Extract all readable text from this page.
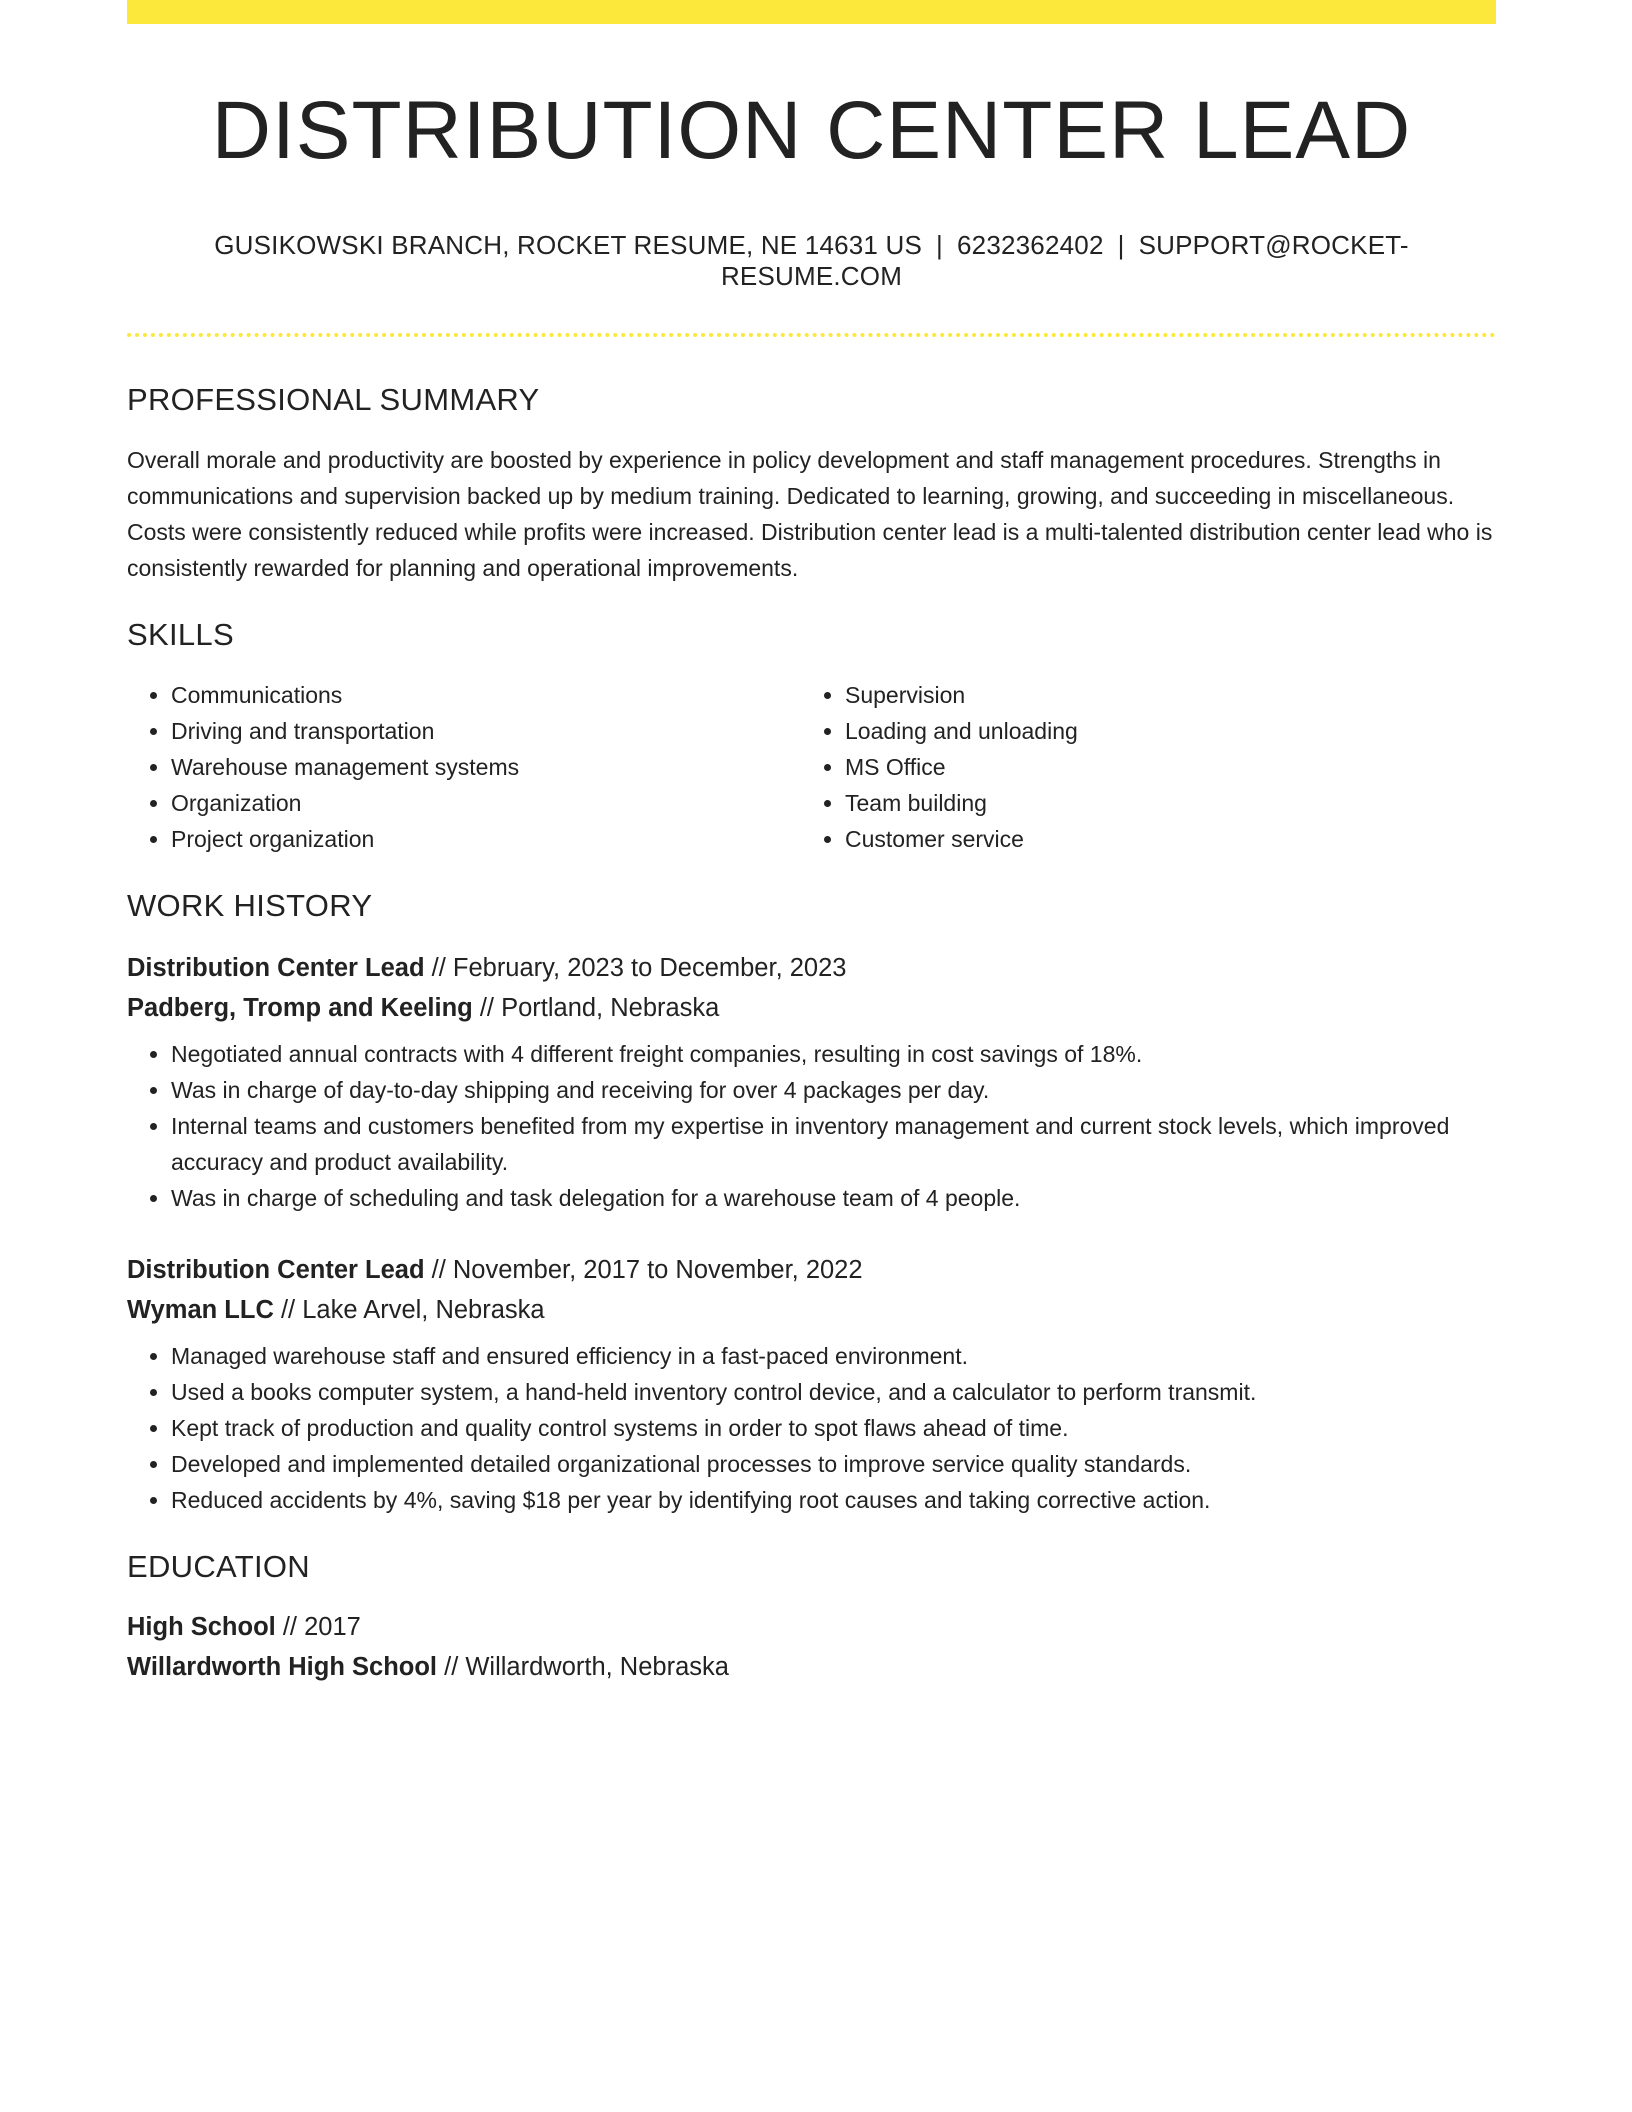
DISTRIBUTION CENTER LEAD
GUSIKOWSKI BRANCH, ROCKET RESUME, NE 14631 US | 6232362402 | SUPPORT@ROCKET-RESUME.COM
PROFESSIONAL SUMMARY
Overall morale and productivity are boosted by experience in policy development and staff management procedures. Strengths in communications and supervision backed up by medium training. Dedicated to learning, growing, and succeeding in miscellaneous. Costs were consistently reduced while profits were increased. Distribution center lead is a multi-talented distribution center lead who is consistently rewarded for planning and operational improvements.
SKILLS
• Communications
• Driving and transportation
• Warehouse management systems
• Organization
• Project organization
• Supervision
• Loading and unloading
• MS Office
• Team building
• Customer service
WORK HISTORY
Distribution Center Lead // February, 2023 to December, 2023
Padberg, Tromp and Keeling // Portland, Nebraska
• Negotiated annual contracts with 4 different freight companies, resulting in cost savings of 18%.
• Was in charge of day-to-day shipping and receiving for over 4 packages per day.
• Internal teams and customers benefited from my expertise in inventory management and current stock levels, which improved accuracy and product availability.
• Was in charge of scheduling and task delegation for a warehouse team of 4 people.
Distribution Center Lead // November, 2017 to November, 2022
Wyman LLC // Lake Arvel, Nebraska
• Managed warehouse staff and ensured efficiency in a fast-paced environment.
• Used a books computer system, a hand-held inventory control device, and a calculator to perform transmit.
• Kept track of production and quality control systems in order to spot flaws ahead of time.
• Developed and implemented detailed organizational processes to improve service quality standards.
• Reduced accidents by 4%, saving $18 per year by identifying root causes and taking corrective action.
EDUCATION
High School // 2017
Willardworth High School // Willardworth, Nebraska
